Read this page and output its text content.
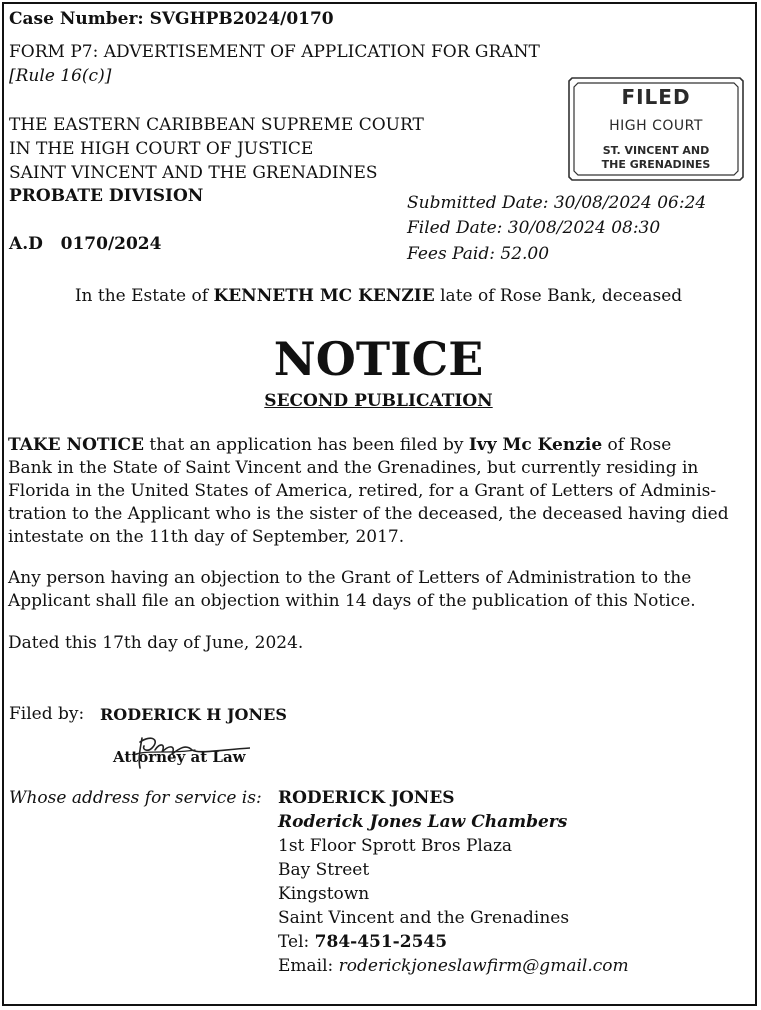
Case Number: SVGHPB2024/0170
FORM P7: ADVERTISEMENT OF APPLICATION FOR GRANT
[Rule 16(c)]
THE EASTERN CARIBBEAN SUPREME COURT
IN THE HIGH COURT OF JUSTICE
SAINT VINCENT AND THE GRENADINES
PROBATE DIVISION
A.D 0170/2024
FILED
HIGH COURT
ST. VINCENT AND
THE GRENADINES
Submitted Date: 30/08/2024 06:24
Filed Date: 30/08/2024 08:30
Fees Paid: 52.00
In the Estate of KENNETH MC KENZIE late of Rose Bank, deceased
NOTICE
SECOND PUBLICATION
TAKE NOTICE that an application has been filed by Ivy Mc Kenzie of Rose
Bank in the State of Saint Vincent and the Grenadines, but currently residing in
Florida in the United States of America, retired, for a Grant of Letters of Adminis-
tration to the Applicant who is the sister of the deceased, the deceased having died
intestate on the 11th day of September, 2017.
Any person having an objection to the Grant of Letters of Administration to the
Applicant shall file an objection within 14 days of the publication of this Notice.
Dated this 17th day of June, 2024.
Filed by: RODERICK H JONES
Attorney at Law
Whose address for service is: RODERICK JONES
Roderick Jones Law Chambers
1st Floor Sprott Bros Plaza
Bay Street
Kingstown
Saint Vincent and the Grenadines
Tel: 784-451-2545
Email: roderickjoneslawfirm@gmail.com
